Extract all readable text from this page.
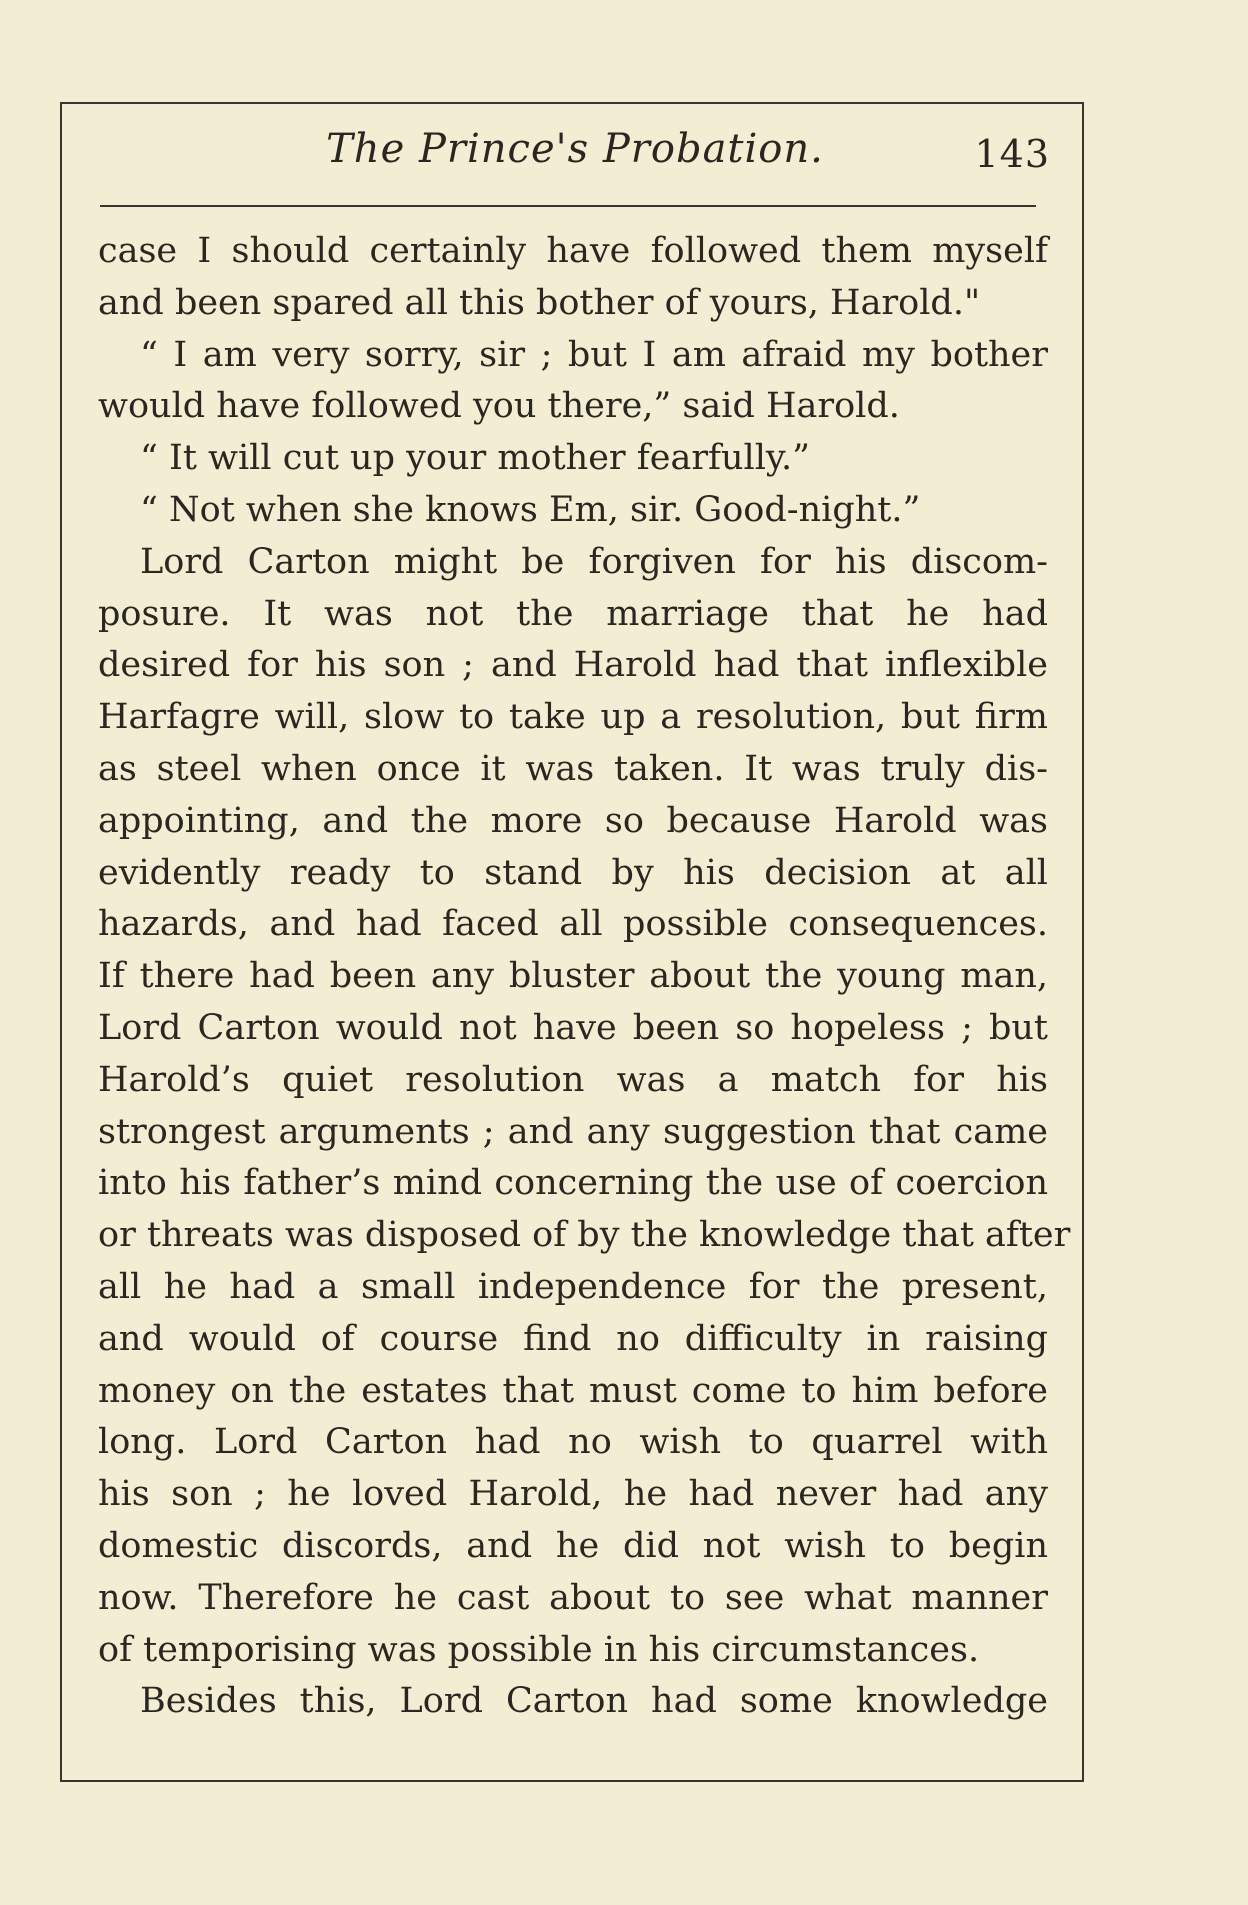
The Prince's Probation.	143
case I should certainly have followed them myself
and been spared all this bother of yours, Harold."
“ I am very sorry, sir ; but I am afraid my bother
would have followed you there,” said Harold.
“ It will cut up your mother fearfully.”
“ Not when she knows Em, sir. Good-night.”
Lord Carton might be forgiven for his discom-
posure. It was not the marriage that he had
desired for his son ; and Harold had that inflexible
Harfagre will, slow to take up a resolution, but firm
as steel when once it was taken. It was truly dis-
appointing, and the more so because Harold was
evidently ready to stand by his decision at all
hazards, and had faced all possible consequences.
If there had been any bluster about the young man,
Lord Carton would not have been so hopeless ; but
Harold’s quiet resolution was a match for his
strongest arguments ; and any suggestion that came
into his father’s mind concerning the use of coercion
or threats was disposed of by the knowledge that after
all he had a small independence for the present,
and would of course find no difficulty in raising
money on the estates that must come to him before
long. Lord Carton had no wish to quarrel with
his son ; he loved Harold, he had never had any
domestic discords, and he did not wish to begin
now. Therefore he cast about to see what manner
of temporising was possible in his circumstances.
Besides this, Lord Carton had some knowledge
